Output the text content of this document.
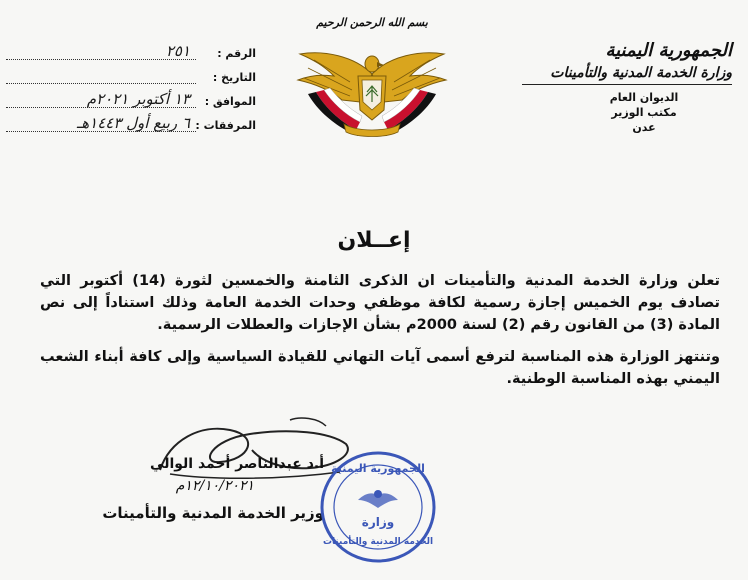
الجمهورية اليمنية
وزارة الخدمة المدنية والتأمينات
الديوان العام
مكتب الوزير
عدن
بسم الله الرحمن الرحيم
الرقم :
٢٥١
التاريخ :
الموافق :
١٣ أكتوبر ٢٠٢١م
المرفقات :
٦ ربيع أول ١٤٤٣هـ
إعــلان

تعلن وزارة الخدمة المدنية والتأمينات ان الذكرى الثامنة والخمسين لثورة (14) أكتوبر التي تصادف يوم الخميس إجازة رسمية لكافة موظفي وحدات الخدمة العامة وذلك استناداً إلى نص المادة (3) من القانون رقم (2) لسنة 2000م بشأن الإجازات والعطلات الرسمية.

وتنتهز الوزارة هذه المناسبة لترفع أسمى آيات التهاني للقيادة السياسية وإلى كافة أبناء الشعب اليمني بهذه المناسبة الوطنية.

أ.د عبدالناصر أحمد الوالي
١٢/١٠/٢٠٢١م
وزير الخدمة المدنية والتأمينات
الجمهورية اليمنية
وزارة
الخدمة المدنية والتأمينات
